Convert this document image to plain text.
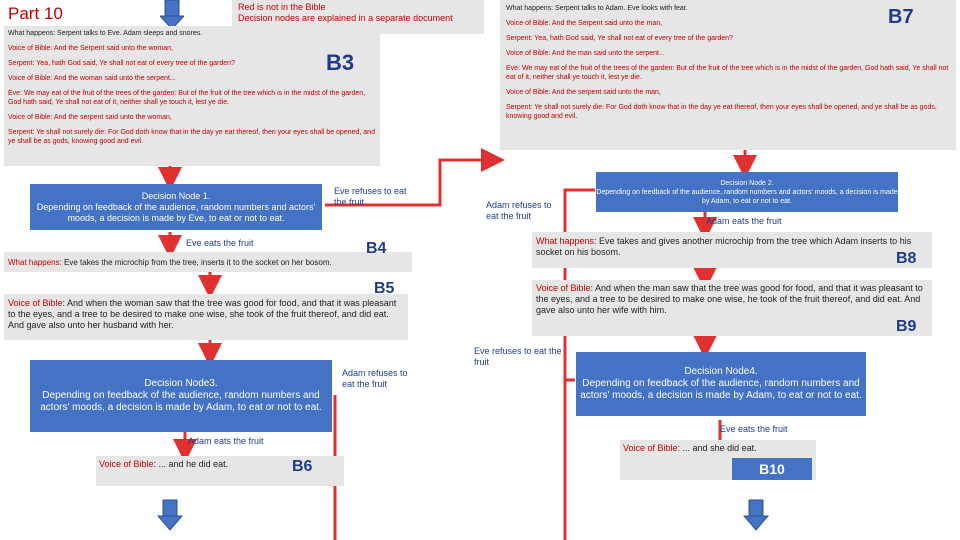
Part 10	Red is not in the Bible
Decision nodes are explained in a separate document

What happens: Serpent talks to Eve. Adam sleeps and snores.

Voice of Bible: And the Serpent said unto the woman,

Serpent: Yea, hath God said, Ye shall not eat of every tree of the garden?

Voice of Bible: And the woman said unto the serpent...

Eve: We may eat of the fruit of the trees of the garden: But of the fruit of the tree which is in the midst of the garden, God hath said, Ye shall not eat of it, neither shall ye touch it, lest ye die.

Voice of Bible: And the serpent said unto the woman,

Serpent: Ye shall not surely die: For God doth know that in the day ye eat thereof, then your eyes shall be opened, and ye shall be as gods, knowing good and evil.

B3

What happens: Serpent talks to Adam. Eve looks with fear.

Voice of Bible: And the Serpent said unto the man,

Serpent: Yea, hath God said, Ye shall not eat of every tree of the garden?

Voice of Bible: And the man said unto the serpent...

Eve: We may eat of the fruit of the trees of the garden: But of the fruit of the tree which is in the midst of the garden, God hath said, Ye shall not eat of it, neither shall ye touch it, lest ye die.

Voice of Bible: And the serpent said unto the man,

Serpent: Ye shall not surely die: For God doth know that in the day ye eat thereof, then your eyes shall be opened, and ye shall be as gods, knowing good and evil.

B7
Decision Node 1.
Depending on feedback of the audience, random numbers and actors' moods, a decision is made by Eve, to eat or not to eat.
Eve refuses to eat the fruit
Eve eats the fruit
What happens: Eve takes the microchip from the tree, inserts it to the socket on her bosom.
B4
Voice of Bible: And when the woman saw that the tree was good for food, and that it was pleasant to the eyes, and a tree to be desired to make one wise, she took of the fruit thereof, and did eat. And gave also unto her husband with her.
B5
Decision Node3.
Depending on feedback of the audience, random numbers and actors' moods, a decision is made by Adam, to eat or not to eat.
Adam refuses to eat the fruit
Adam eats the fruit
Voice of Bible: ... and he did eat.	B6
Decision Node 2.
Depending on feedback of the audience, random numbers and actors' moods, a decision is made by Adam, to eat or not to eat.
Adam refuses to eat the fruit	Adam eats the fruit
What happens: Eve takes and gives another microchip from the tree which Adam inserts to his socket on his bosom.	B8
Voice of Bible: And when the man saw that the tree was good for food, and that it was pleasant to the eyes, and a tree to be desired to make one wise, he took of the fruit thereof, and did eat. And gave also unto her wife with him.
B9
Decision Node4.
Depending on feedback of the audience, random numbers and actors' moods, a decision is made by Adam, to eat or not to eat.
Eve refuses to eat the fruit
Eve eats the fruit
Voice of Bible: ... and she did eat.
B10
